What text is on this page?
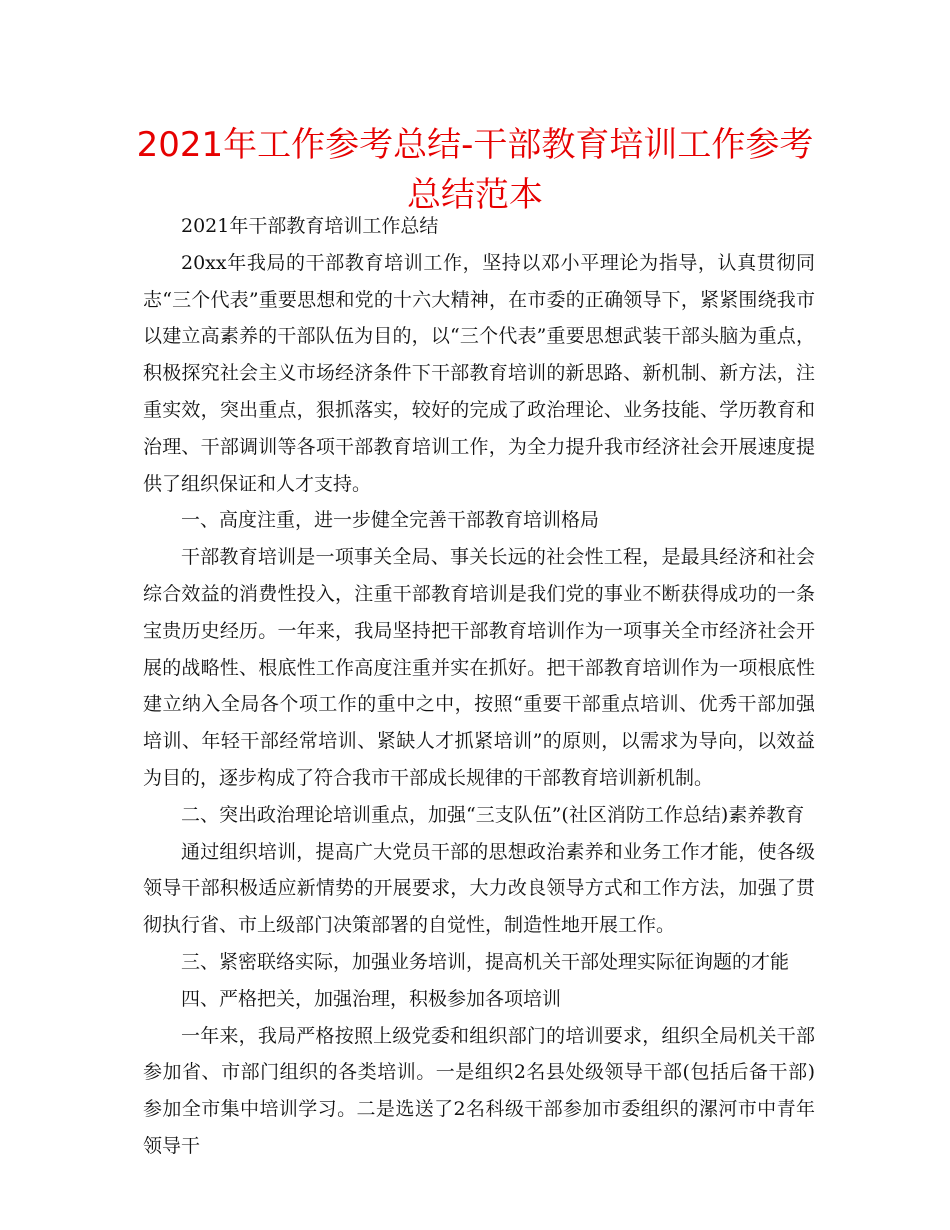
2021年工作参考总结-干部教育培训工作参考总结范本

2021年干部教育培训工作总结

20xx年我局的干部教育培训工作，坚持以邓小平理论为指导，认真贯彻同志“三个代表”重要思想和党的十六大精神，在市委的正确领导下，紧紧围绕我市以建立高素养的干部队伍为目的，以“三个代表”重要思想武装干部头脑为重点，积极探究社会主义市场经济条件下干部教育培训的新思路、新机制、新方法，注重实效，突出重点，狠抓落实，较好的完成了政治理论、业务技能、学历教育和治理、干部调训等各项干部教育培训工作，为全力提升我市经济社会开展速度提供了组织保证和人才支持。

一、高度注重，进一步健全完善干部教育培训格局

干部教育培训是一项事关全局、事关长远的社会性工程，是最具经济和社会综合效益的消费性投入，注重干部教育培训是我们党的事业不断获得成功的一条宝贵历史经历。一年来，我局坚持把干部教育培训作为一项事关全市经济社会开展的战略性、根底性工作高度注重并实在抓好。把干部教育培训作为一项根底性建立纳入全局各个项工作的重中之中，按照“重要干部重点培训、优秀干部加强培训、年轻干部经常培训、紧缺人才抓紧培训”的原则，以需求为导向，以效益为目的，逐步构成了符合我市干部成长规律的干部教育培训新机制。

二、突出政治理论培训重点，加强“三支队伍”(社区消防工作总结)素养教育

通过组织培训，提高广大党员干部的思想政治素养和业务工作才能，使各级领导干部积极适应新情势的开展要求，大力改良领导方式和工作方法，加强了贯彻执行省、市上级部门决策部署的自觉性，制造性地开展工作。

三、紧密联络实际，加强业务培训，提高机关干部处理实际征询题的才能

四、严格把关，加强治理，积极参加各项培训

一年来，我局严格按照上级党委和组织部门的培训要求，组织全局机关干部参加省、市部门组织的各类培训。一是组织2名县处级领导干部(包括后备干部)参加全市集中培训学习。二是选送了2名科级干部参加市委组织的漯河市中青年领导干
